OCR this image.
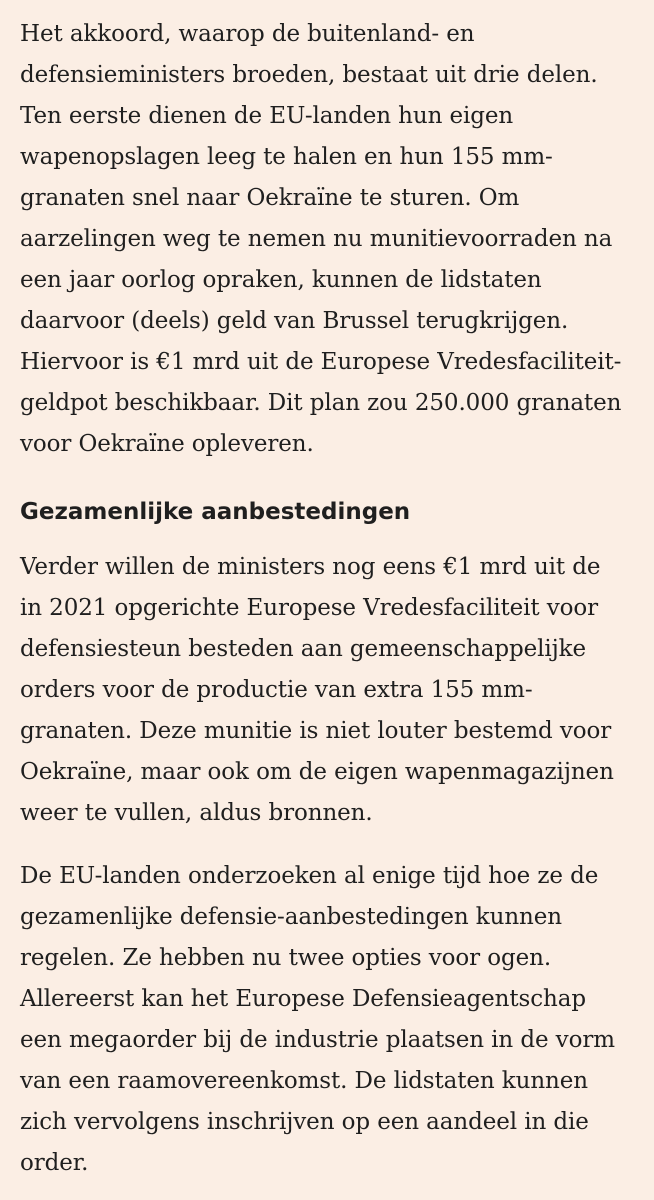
Het akkoord, waarop de buitenland- en
defensieministers broeden, bestaat uit drie delen.
Ten eerste dienen de EU-landen hun eigen
wapenopslagen leeg te halen en hun 155 mm-
granaten snel naar Oekraïne te sturen. Om
aarzelingen weg te nemen nu munitievoorraden na
een jaar oorlog opraken, kunnen de lidstaten
daarvoor (deels) geld van Brussel terugkrijgen.
Hiervoor is €1 mrd uit de Europese Vredesfaciliteit-
geldpot beschikbaar. Dit plan zou 250.000 granaten
voor Oekraïne opleveren.
Gezamenlijke aanbestedingen
Verder willen de ministers nog eens €1 mrd uit de
in 2021 opgerichte Europese Vredesfaciliteit voor
defensiesteun besteden aan gemeenschappelijke
orders voor de productie van extra 155 mm-
granaten. Deze munitie is niet louter bestemd voor
Oekraïne, maar ook om de eigen wapenmagazijnen
weer te vullen, aldus bronnen.
De EU-landen onderzoeken al enige tijd hoe ze de
gezamenlijke defensie-aanbestedingen kunnen
regelen. Ze hebben nu twee opties voor ogen.
Allereerst kan het Europese Defensieagentschap
een megaorder bij de industrie plaatsen in de vorm
van een raamovereenkomst. De lidstaten kunnen
zich vervolgens inschrijven op een aandeel in die
order.
